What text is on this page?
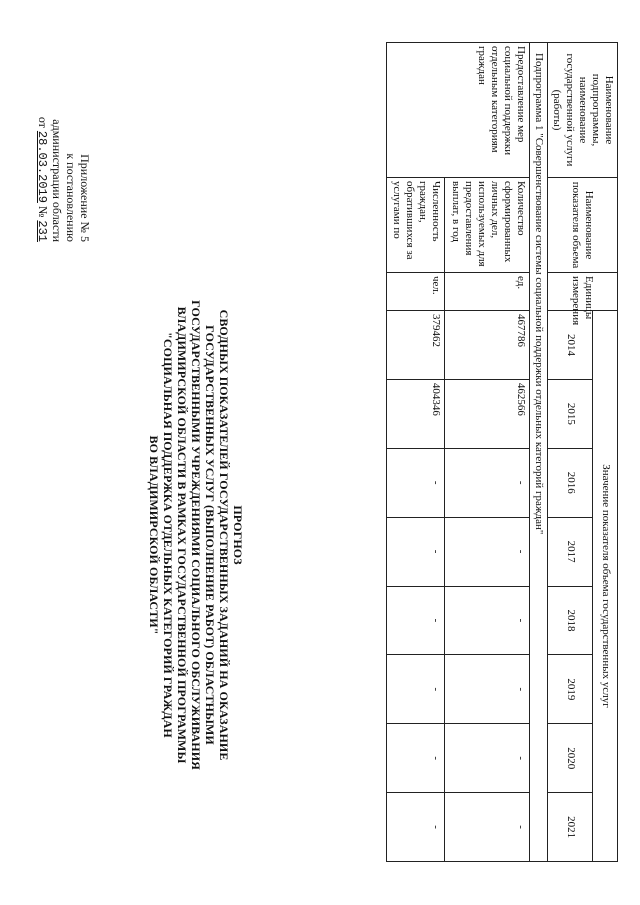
Приложение № 5
к постановлению
администрации области
от 28.03.2019 № 231
ПРОГНОЗ
СВОДНЫХ ПОКАЗАТЕЛЕЙ ГОСУДАРСТВЕННЫХ ЗАДАНИЙ НА ОКАЗАНИЕ
ГОСУДАРСТВЕННЫХ УСЛУГ (ВЫПОЛНЕНИЕ РАБОТ) ОБЛАСТНЫМИ
ГОСУДАРСТВЕННЫМИ УЧРЕЖДЕНИЯМИ СОЦИАЛЬНОГО ОБСЛУЖИВАНИЯ
ВЛАДИМИРСКОЙ ОБЛАСТИ В РАМКАХ ГОСУДАРСТВЕННОЙ ПРОГРАММЫ
"СОЦИАЛЬНАЯ ПОДДЕРЖКА ОТДЕЛЬНЫХ КАТЕГОРИЙ ГРАЖДАН
ВО ВЛАДИМИРСКОЙ ОБЛАСТИ"
Наименование подпрограммы, наименование государственной услуги (работы)	Наименование показателя объема	Единицы измерения	Значение показателя объема государственных услуг							
			2014	2015	2016	2017	2018	2019	2020	2021
Подпрограмма 1 "Совершенствование системы социальной поддержки отдельных категорий граждан"										
Предоставление мер социальной поддержки отдельным категориям граждан	Количество сформированных личных дел, используемых для предоставления выплат, в год	ед.	467786	462566	-	-	-	-	-	-
	Численность граждан, обратившихся за услугами по	чел.	379462	404346	-	-	-	-	-	-
